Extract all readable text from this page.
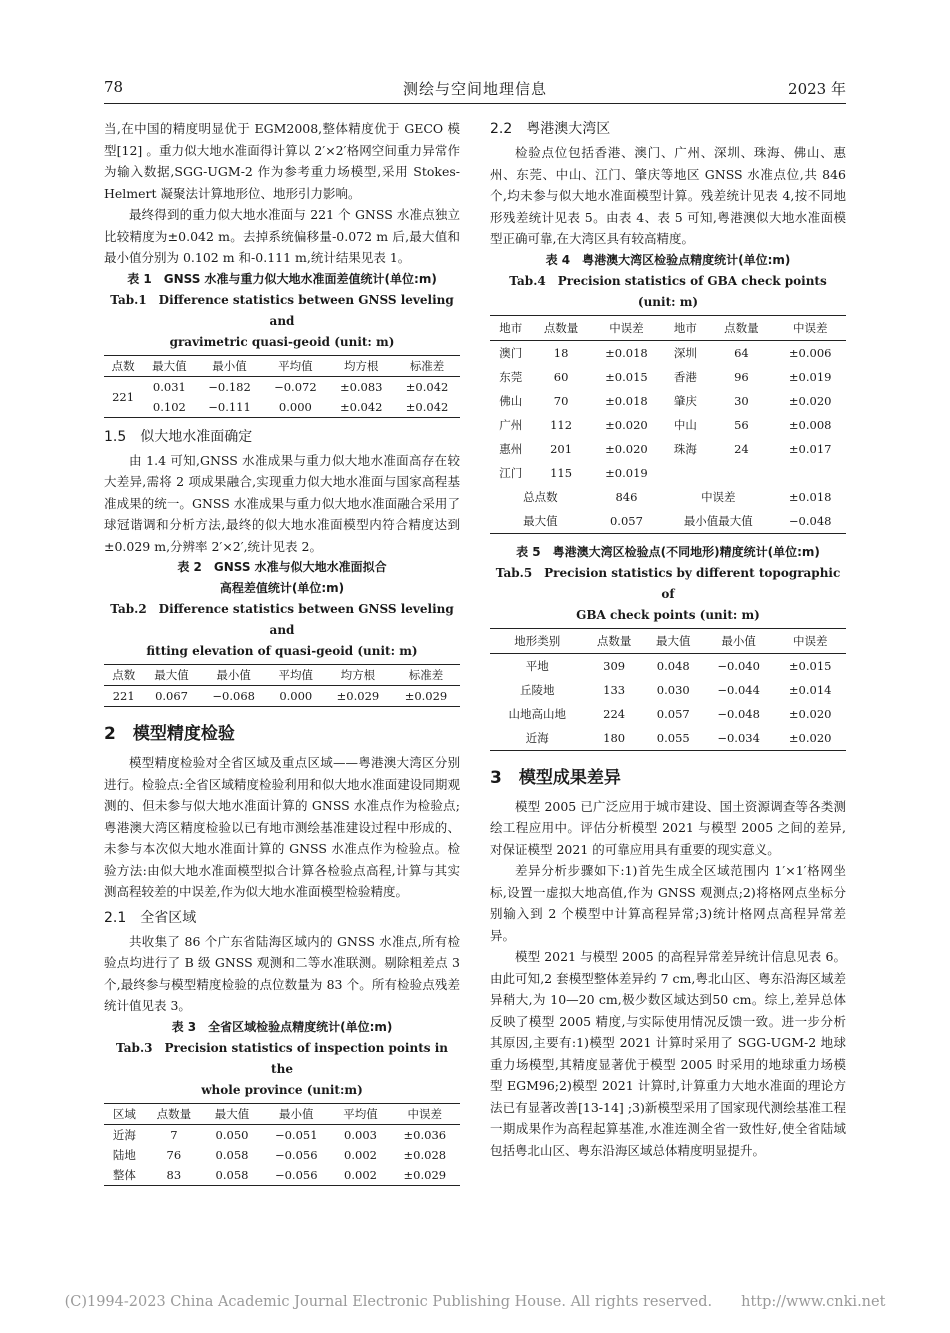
78	测绘与空间地理信息	2023 年

当,在中国的精度明显优于 EGM2008,整体精度优于 GECO 模型[12] 。重力似大地水准面得计算以 2′×2′格网空间重力异常作为输入数据,SGG-UGM-2 作为参考重力场模型,采用 Stokes-Helmert 凝聚法计算地形位、地形引力影响。

最终得到的重力似大地水准面与 221 个 GNSS 水准点独立比较精度为±0.042 m。去掉系统偏移量-0.072 m 后,最大值和最小值分别为 0.102 m 和-0.111 m,统计结果见表 1。

表 1　GNSS 水准与重力似大地水准面差值统计(单位:m)
Tab.1　Difference statistics between GNSS leveling and
gravimetric quasi-geoid (unit: m)
点数	最大值	最小值	平均值	均方根	标准差
221	0.031	−0.182	−0.072	±0.083	±0.042
	0.102	−0.111	0.000	±0.042	±0.042
1.5　似大地水准面确定

由 1.4 可知,GNSS 水准成果与重力似大地水准面高存在较大差异,需将 2 项成果融合,实现重力似大地水准面与国家高程基准成果的统一。GNSS 水准成果与重力似大地水准面融合采用了球冠谐调和分析方法,最终的似大地水准面模型内符合精度达到±0.029 m,分辨率 2′×2′,统计见表 2。

表 2　GNSS 水准与似大地水准面拟合
高程差值统计(单位:m)
Tab.2　Difference statistics between GNSS leveling and
fitting elevation of quasi-geoid (unit: m)
点数	最大值	最小值	平均值	均方根	标准差
221	0.067	−0.068	0.000	±0.029	±0.029
2　模型精度检验

模型精度检验对全省区域及重点区域——粤港澳大湾区分别进行。检验点:全省区域精度检验利用和似大地水准面建设同期观测的、但未参与似大地水准面计算的 GNSS 水准点作为检验点;粤港澳大湾区精度检验以已有地市测绘基准建设过程中形成的、未参与本次似大地水准面计算的 GNSS 水准点作为检验点。检验方法:由似大地水准面模型拟合计算各检验点高程,计算与其实测高程较差的中误差,作为似大地水准面模型检验精度。

2.1　全省区域

共收集了 86 个广东省陆海区域内的 GNSS 水准点,所有检验点均进行了 B 级 GNSS 观测和二等水准联测。剔除粗差点 3 个,最终参与模型精度检验的点位数量为 83 个。所有检验点残差统计值见表 3。

表 3　全省区域检验点精度统计(单位:m)
Tab.3　Precision statistics of inspection points in the
whole province (unit:m)
区域	点数量	最大值	最小值	平均值	中误差
近海	7	0.050	−0.051	0.003	±0.036
陆地	76	0.058	−0.056	0.002	±0.028
整体	83	0.058	−0.056	0.002	±0.029
2.2　粤港澳大湾区

检验点位包括香港、澳门、广州、深圳、珠海、佛山、惠州、东莞、中山、江门、肇庆等地区 GNSS 水准点位,共 846 个,均未参与似大地水准面模型计算。残差统计见表 4,按不同地形残差统计见表 5。由表 4、表 5 可知,粤港澳似大地水准面模型正确可靠,在大湾区具有较高精度。

表 4　粤港澳大湾区检验点精度统计(单位:m)
Tab.4　Precision statistics of GBA check points (unit: m)
地市	点数量	中误差	地市	点数量	中误差
澳门	18	±0.018	深圳	64	±0.006
东莞	60	±0.015	香港	96	±0.019
佛山	70	±0.018	肇庆	30	±0.020
广州	112	±0.020	中山	56	±0.008
惠州	201	±0.020	珠海	24	±0.017
江门	115	±0.019			
总点数		846	中误差		±0.018
最大值		0.057	最小值最大值		−0.048
表 5　粤港澳大湾区检验点(不同地形)精度统计(单位:m)
Tab.5　Precision statistics by different topographic of
GBA check points (unit: m)
地形类别	点数量	最大值	最小值	中误差
平地	309	0.048	−0.040	±0.015
丘陵地	133	0.030	−0.044	±0.014
山地高山地	224	0.057	−0.048	±0.020
近海	180	0.055	−0.034	±0.020
3　模型成果差异

模型 2005 已广泛应用于城市建设、国土资源调查等各类测绘工程应用中。评估分析模型 2021 与模型 2005 之间的差异,对保证模型 2021 的可靠应用具有重要的现实意义。

差异分析步骤如下:1)首先生成全区域范围内 1′×1′格网坐标,设置一虚拟大地高值,作为 GNSS 观测点;2)将格网点坐标分别输入到 2 个模型中计算高程异常;3)统计格网点高程异常差异。

模型 2021 与模型 2005 的高程异常差异统计信息见表 6。由此可知,2 套模型整体差异约 7 cm,粤北山区、粤东沿海区域差异稍大,为 10—20 cm,极少数区域达到50 cm。综上,差异总体反映了模型 2005 精度,与实际使用情况反馈一致。进一步分析其原因,主要有:1)模型 2021 计算时采用了 SGG-UGM-2 地球重力场模型,其精度显著优于模型 2005 时采用的地球重力场模型 EGM96;2)模型 2021 计算时,计算重力大地水准面的理论方法已有显著改善[13-14] ;3)新模型采用了国家现代测绘基准工程一期成果作为高程起算基准,水准连测全省一致性好,使全省陆域包括粤北山区、粤东沿海区域总体精度明显提升。

(C)1994-2023 China Academic Journal Electronic Publishing House. All rights reserved.　　http://www.cnki.net
